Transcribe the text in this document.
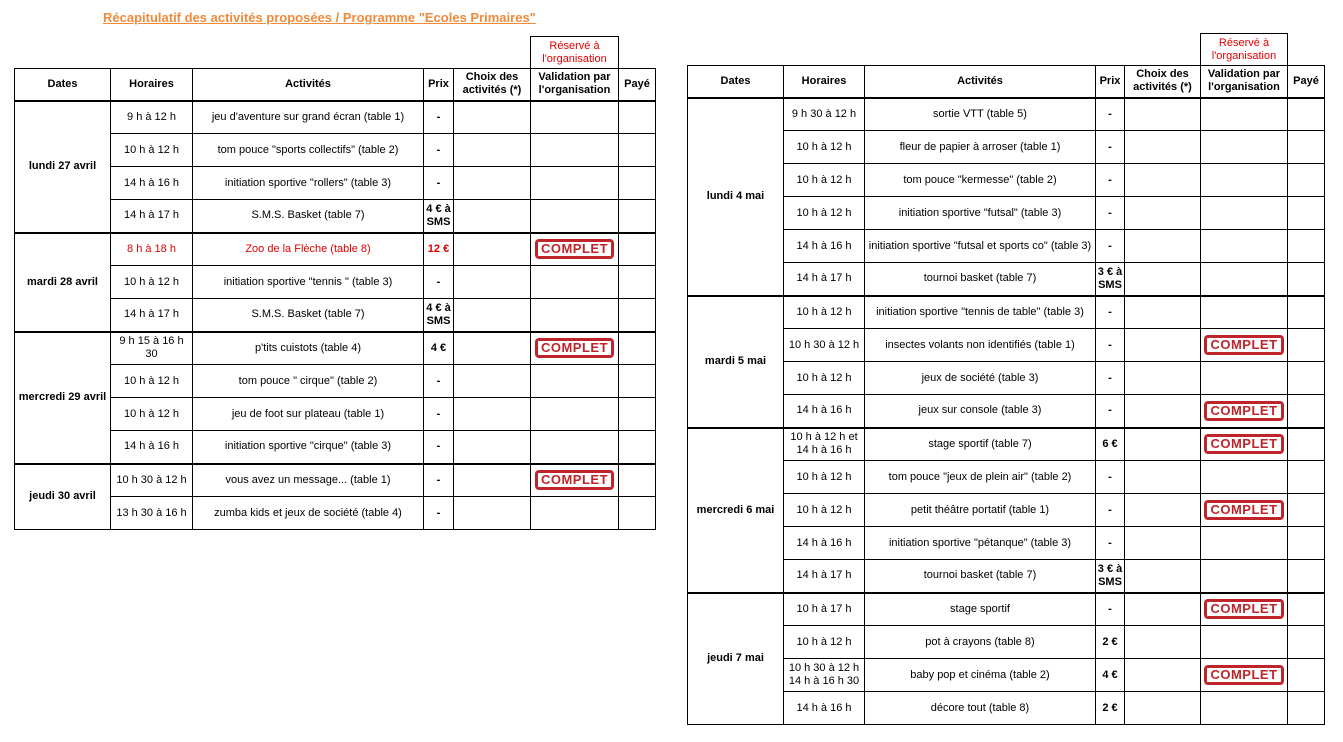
Récapitulatif des activités proposées / Programme "Ecoles Primaires"
					Réservé à l'organisation	
Dates	Horaires	Activités	Prix	Choix des activités (*)	Validation par l'organisation	Payé
lundi 27 avril	9 h à 12 h	jeu d'aventure sur grand écran (table 1)	-			
	10 h à 12 h	tom pouce "sports collectifs" (table 2)	-			
	14 h à 16 h	initiation sportive "rollers" (table 3)	-			
	14 h à 17 h	S.M.S. Basket (table 7)	4 € à SMS			
mardi 28 avril	8 h à 18 h	Zoo de la Flèche (table 8)	12 €		COMPLET	
	10 h à 12 h	initiation sportive "tennis " (table 3)	-			
	14 h à 17 h	S.M.S. Basket (table 7)	4 € à SMS			
mercredi 29 avril	9 h 15 à 16 h 30	p'tits cuistots (table 4)	4 €		COMPLET	
	10 h à 12 h	tom pouce " cirque" (table 2)	-			
	10 h à 12 h	jeu de foot sur plateau (table 1)	-			
	14 h à 16 h	initiation sportive "cirque" (table 3)	-			
jeudi 30 avril	10 h 30 à 12 h	vous avez un message... (table 1)	-		COMPLET	
	13 h 30 à 16 h	zumba kids et jeux de société (table 4)	-			
					Réservé à l'organisation	
Dates	Horaires	Activités	Prix	Choix des activités (*)	Validation par l'organisation	Payé
lundi 4 mai	9 h 30 à 12 h	sortie VTT (table 5)	-			
	10 h à 12 h	fleur de papier à arroser (table 1)	-			
	10 h à 12 h	tom pouce "kermesse" (table 2)	-			
	10 h à 12 h	initiation sportive "futsal" (table 3)	-			
	14 h à 16 h	initiation sportive "futsal et sports co" (table 3)	-			
	14 h à 17 h	tournoi basket (table 7)	3 € à SMS			
mardi 5 mai	10 h à 12 h	initiation sportive "tennis de table" (table 3)	-			
	10 h 30 à 12 h	insectes volants non identifiés (table 1)	-		COMPLET	
	10 h à 12 h	jeux de société (table 3)	-			
	14 h à 16 h	jeux sur console (table 3)	-		COMPLET	
mercredi 6 mai	10 h à 12 h et 14 h à 16 h	stage sportif (table 7)	6 €		COMPLET	
	10 h à 12 h	tom pouce "jeux de plein air" (table 2)	-			
	10 h à 12 h	petit théâtre portatif (table 1)	-		COMPLET	
	14 h à 16 h	initiation sportive "pétanque" (table 3)	-			
	14 h à 17 h	tournoi basket (table 7)	3 € à SMS			
jeudi 7 mai	10 h à 17 h	stage sportif	-		COMPLET	
	10 h à 12 h	pot à crayons (table 8)	2 €			
	10 h 30 à 12 h 14 h à 16 h 30	baby pop et cinéma (table 2)	4 €		COMPLET	
	14 h à 16 h	décore tout (table 8)	2 €			
